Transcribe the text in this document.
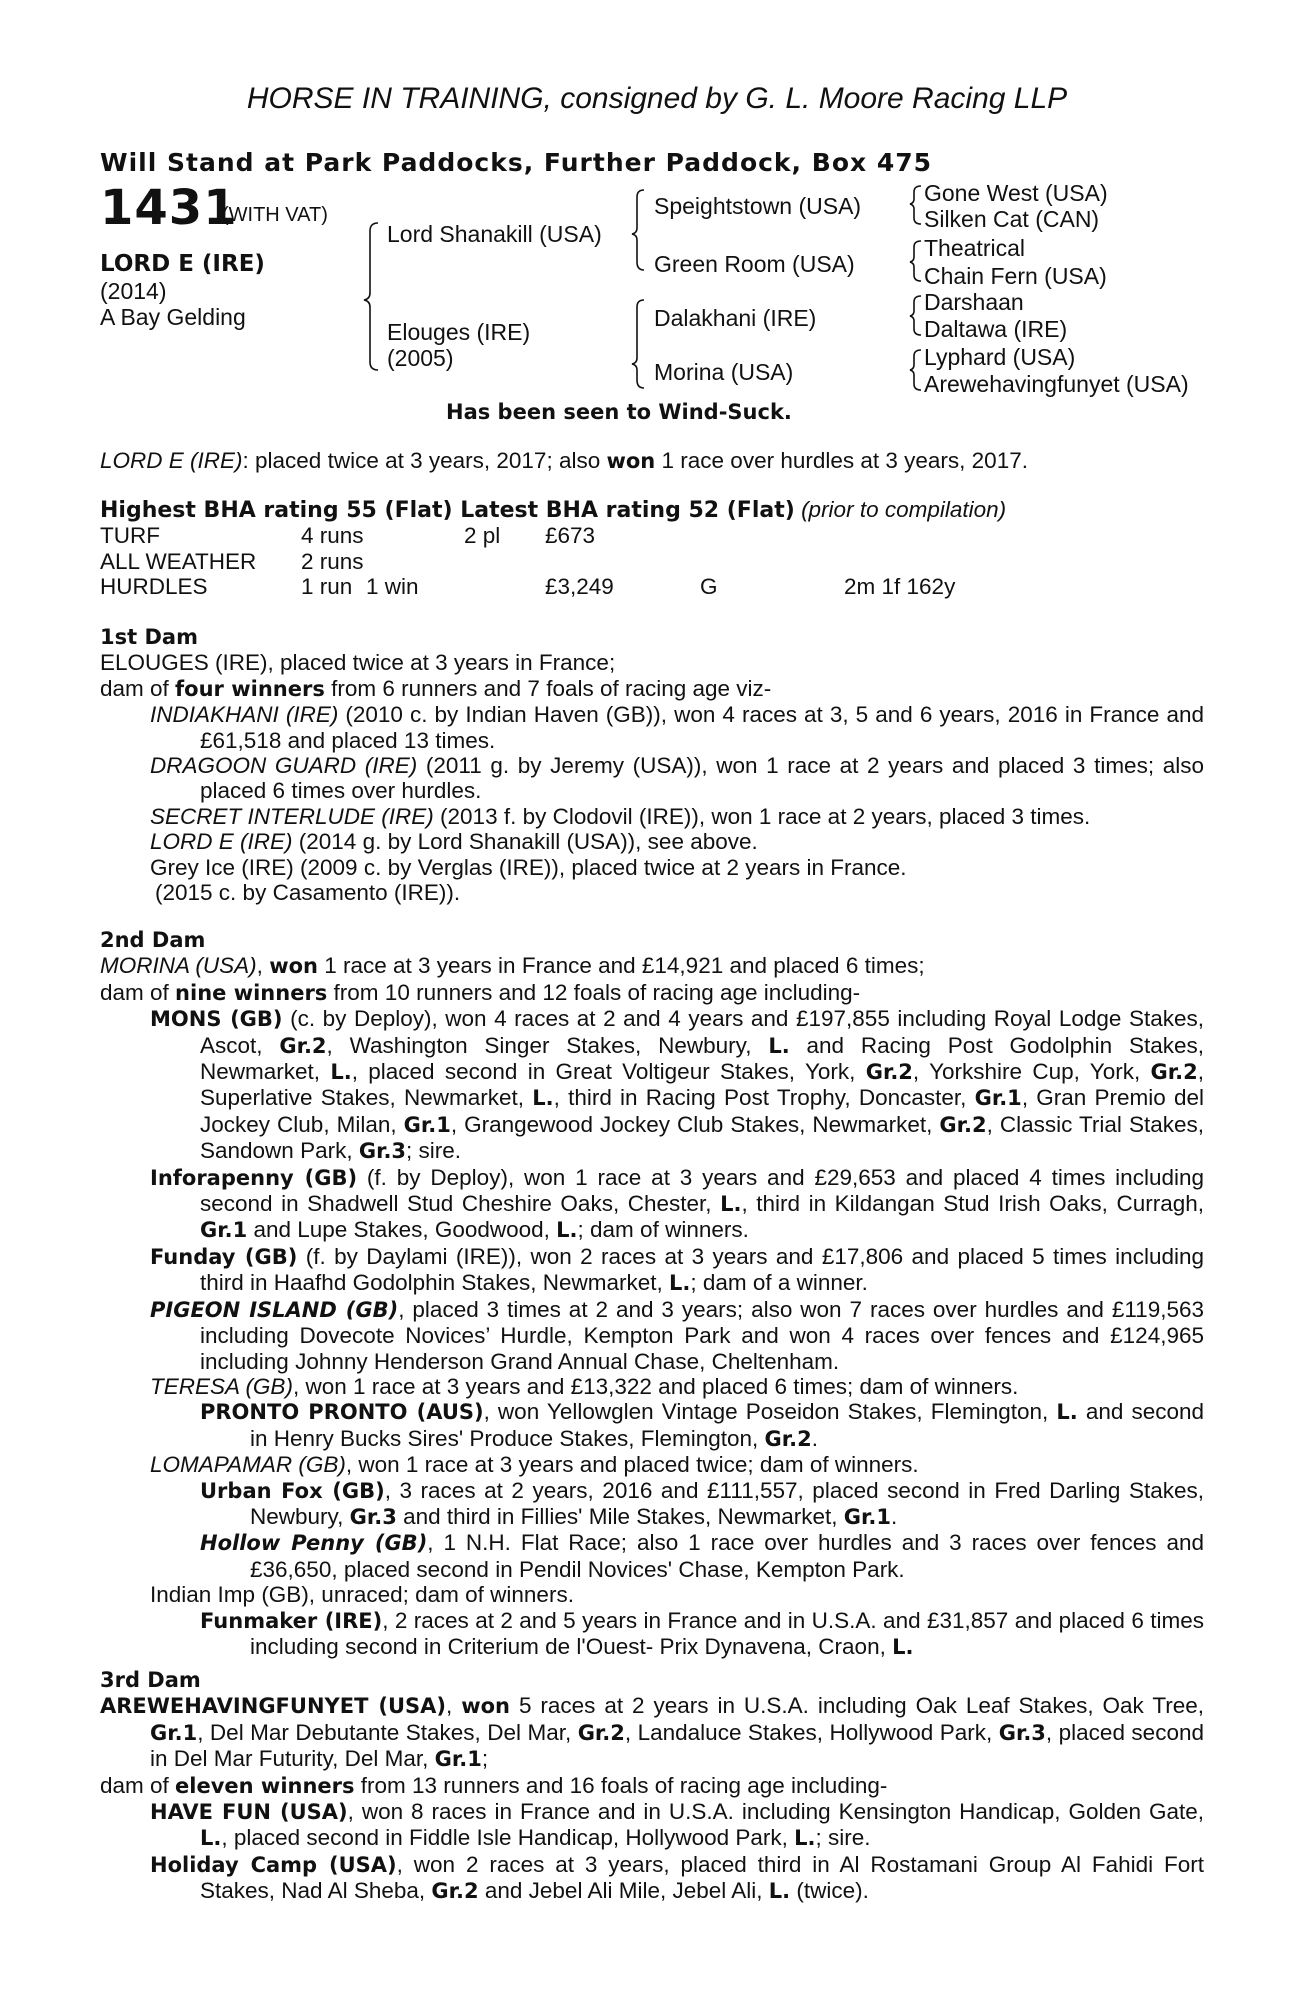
HORSE IN TRAINING, consigned by G. L. Moore Racing LLP
Will Stand at Park Paddocks, Further Paddock, Box 475
1431
(WITH VAT)
LORD E (IRE)
(2014)
A Bay Gelding
Lord Shanakill (USA)
Elouges (IRE)
(2005)
Speightstown (USA)
Green Room (USA)
Dalakhani (IRE)
Morina (USA)
Gone West (USA)
Silken Cat (CAN)
Theatrical
Chain Fern (USA)
Darshaan
Daltawa (IRE)
Lyphard (USA)
Arewehavingfunyet (USA)
Has been seen to Wind-Suck.
LORD E (IRE): placed twice at 3 years, 2017; also won 1 race over hurdles at 3 years, 2017.

Highest BHA rating 55 (Flat) Latest BHA rating 52 (Flat) (prior to compilation)

TURF	4 runs	2 pl £673
ALL WEATHER 2 runs
HURDLES	1 run 1 win	£3,249	G	2m 1f 162y

1st Dam

ELOUGES (IRE), placed twice at 3 years in France;

dam of four winners from 6 runners and 7 foals of racing age viz-

INDIAKHANI (IRE) (2010 c. by Indian Haven (GB)), won 4 races at 3, 5 and 6 years, 2016 in France and £61,518 and placed 13 times.

DRAGOON GUARD (IRE) (2011 g. by Jeremy (USA)), won 1 race at 2 years and placed 3 times; also placed 6 times over hurdles.

SECRET INTERLUDE (IRE) (2013 f. by Clodovil (IRE)), won 1 race at 2 years, placed 3 times.

LORD E (IRE) (2014 g. by Lord Shanakill (USA)), see above.

Grey Ice (IRE) (2009 c. by Verglas (IRE)), placed twice at 2 years in France.

(2015 c. by Casamento (IRE)).

2nd Dam

MORINA (USA), won 1 race at 3 years in France and £14,921 and placed 6 times;

dam of nine winners from 10 runners and 12 foals of racing age including-

MONS (GB) (c. by Deploy), won 4 races at 2 and 4 years and £197,855 including Royal Lodge Stakes, Ascot, Gr.2, Washington Singer Stakes, Newbury, L. and Racing Post Godolphin Stakes, Newmarket, L., placed second in Great Voltigeur Stakes, York, Gr.2, Yorkshire Cup, York, Gr.2, Superlative Stakes, Newmarket, L., third in Racing Post Trophy, Doncaster, Gr.1, Gran Premio del Jockey Club, Milan, Gr.1, Grangewood Jockey Club Stakes, Newmarket, Gr.2, Classic Trial Stakes, Sandown Park, Gr.3; sire.

Inforapenny (GB) (f. by Deploy), won 1 race at 3 years and £29,653 and placed 4 times including second in Shadwell Stud Cheshire Oaks, Chester, L., third in Kildangan Stud Irish Oaks, Curragh, Gr.1 and Lupe Stakes, Goodwood, L.; dam of winners.

Funday (GB) (f. by Daylami (IRE)), won 2 races at 3 years and £17,806 and placed 5 times including third in Haafhd Godolphin Stakes, Newmarket, L.; dam of a winner.

PIGEON ISLAND (GB), placed 3 times at 2 and 3 years; also won 7 races over hurdles and £119,563 including Dovecote Novices’ Hurdle, Kempton Park and won 4 races over fences and £124,965 including Johnny Henderson Grand Annual Chase, Cheltenham.

TERESA (GB), won 1 race at 3 years and £13,322 and placed 6 times; dam of winners.

PRONTO PRONTO (AUS), won Yellowglen Vintage Poseidon Stakes, Flemington, L. and second in Henry Bucks Sires' Produce Stakes, Flemington, Gr.2.

LOMAPAMAR (GB), won 1 race at 3 years and placed twice; dam of winners.

Urban Fox (GB), 3 races at 2 years, 2016 and £111,557, placed second in Fred Darling Stakes, Newbury, Gr.3 and third in Fillies' Mile Stakes, Newmarket, Gr.1.

Hollow Penny (GB), 1 N.H. Flat Race; also 1 race over hurdles and 3 races over fences and £36,650, placed second in Pendil Novices' Chase, Kempton Park.

Indian Imp (GB), unraced; dam of winners.

Funmaker (IRE), 2 races at 2 and 5 years in France and in U.S.A. and £31,857 and placed 6 times including second in Criterium de l'Ouest- Prix Dynavena, Craon, L.

3rd Dam

AREWEHAVINGFUNYET (USA), won 5 races at 2 years in U.S.A. including Oak Leaf Stakes, Oak Tree, Gr.1, Del Mar Debutante Stakes, Del Mar, Gr.2, Landaluce Stakes, Hollywood Park, Gr.3, placed second in Del Mar Futurity, Del Mar, Gr.1;

dam of eleven winners from 13 runners and 16 foals of racing age including-

HAVE FUN (USA), won 8 races in France and in U.S.A. including Kensington Handicap, Golden Gate, L., placed second in Fiddle Isle Handicap, Hollywood Park, L.; sire.

Holiday Camp (USA), won 2 races at 3 years, placed third in Al Rostamani Group Al Fahidi Fort Stakes, Nad Al Sheba, Gr.2 and Jebel Ali Mile, Jebel Ali, L. (twice).
